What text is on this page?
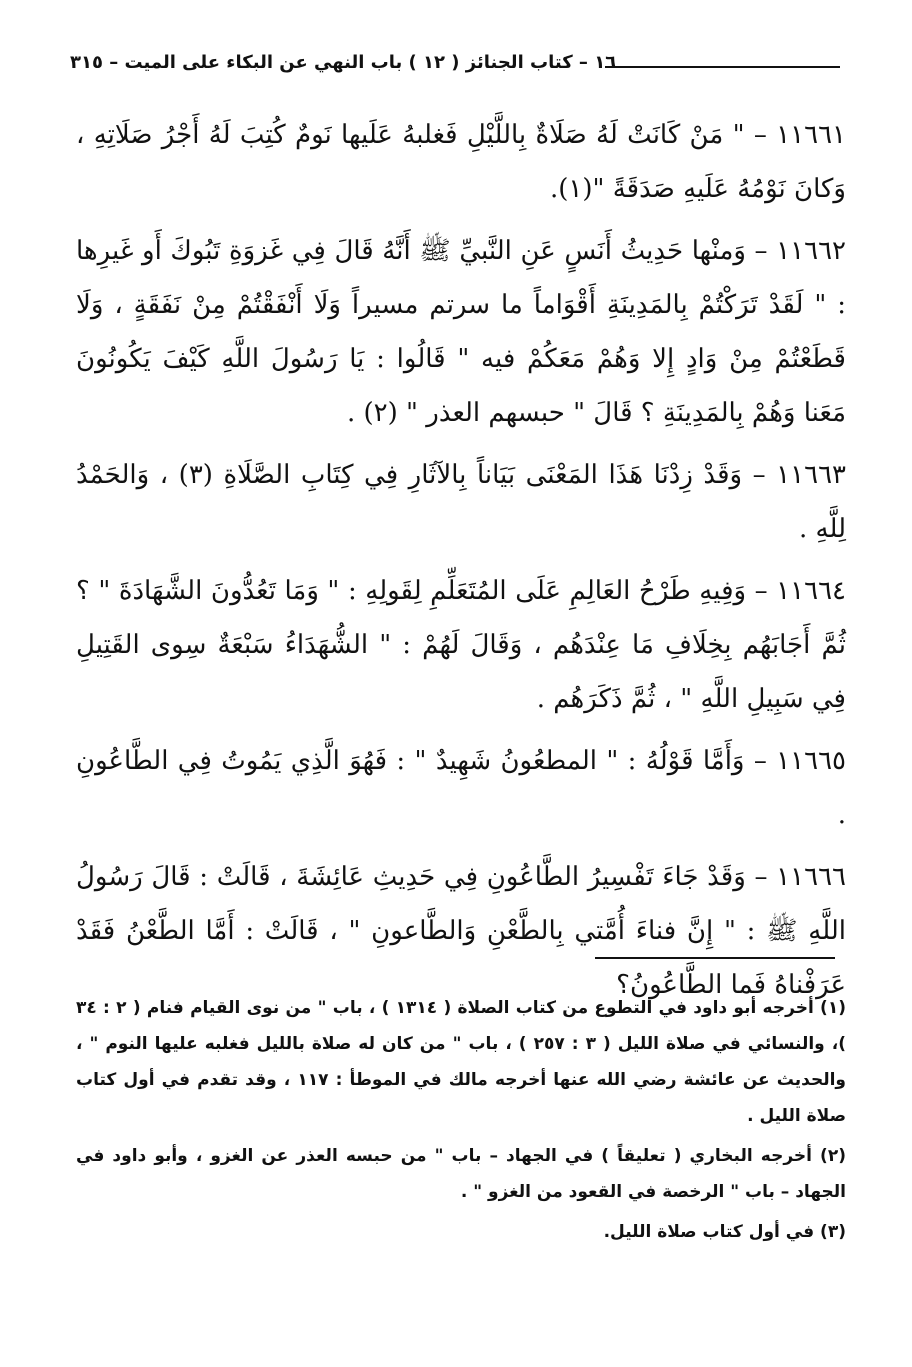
١٦ – كتاب الجنائز ( ١٢ ) باب النهي عن البكاء على الميت – ٣١٥

١١٦٦١ – " مَنْ كَانَتْ لَهُ صَلَاةٌ بِاللَّيْلِ فَغلبهُ عَلَيها نَومٌ كُتِبَ لَهُ أَجْرُ صَلَاتِهِ ، وَكانَ نَوْمُهُ عَلَيهِ صَدَقَةً "(١).

١١٦٦٢ – وَمنْها حَدِيثُ أَنَسٍ عَنِ النَّبيِّ ﷺ أَنَّهُ قَالَ فِي غَزوَةِ تَبُوكَ أَو غَيرِها : " لَقَدْ تَرَكْتُمْ بِالمَدِينَةِ أَقْوَاماً ما سرتم مسيراً وَلَا أَنْفَقْتُمْ مِنْ نَفَقَةٍ ، وَلَا قَطَعْتُمْ مِنْ وَادٍ إِلا وَهُمْ مَعَكُمْ فيه " قَالُوا : يَا رَسُولَ اللَّهِ كَيْفَ يَكُونُونَ مَعَنا وَهُمْ بِالمَدِينَةِ ؟ قَالَ " حبسهم العذر " (٢) .

١١٦٦٣ – وَقَدْ زِدْنَا هَذَا المَعْنَى بَيَاناً بِالآثَارِ فِي كِتَابِ الصَّلَاةِ (٣) ، وَالحَمْدُ لِلَّهِ .

١١٦٦٤ – وَفِيهِ طَرْحُ العَالِمِ عَلَى المُتَعَلِّمِ لِقَولِهِ : " وَمَا تَعُدُّونَ الشَّهَادَةَ " ؟ ثُمَّ أَجَابَهُم بِخِلَافِ مَا عِنْدَهُم ، وَقَالَ لَهُمْ : " الشُّهَدَاءُ سَبْعَةٌ سِوى القَتِيلِ فِي سَبِيلِ اللَّهِ " ، ثُمَّ ذَكَرَهُم .

١١٦٦٥ – وَأَمَّا قَوْلُهُ : " المطعُونُ شَهِيدٌ " : فَهُوَ الَّذِي يَمُوتُ فِي الطَّاعُونِ .

١١٦٦٦ – وَقَدْ جَاءَ تَفْسِيرُ الطَّاعُونِ فِي حَدِيثِ عَائِشَةَ ، قَالَتْ : قَالَ رَسُولُ اللَّهِ ﷺ : " إِنَّ فناءَ أُمَّتي بِالطَّعْنِ وَالطَّاعونِ " ، قَالَتْ : أَمَّا الطَّعْنُ فَقَدْ عَرَفْناهُ فَما الطَّاعُونُ؟

(١) أخرجه أبو داود في التطوع من كتاب الصلاة ( ١٣١٤ ) ، باب " من نوى القيام فنام ( ٢ : ٣٤ )، والنسائي في صلاة الليل ( ٣ : ٢٥٧ ) ، باب " من كان له صلاة بالليل فغلبه عليها النوم " ، والحديث عن عائشة رضي الله عنها أخرجه مالك في الموطأ : ١١٧ ، وقد تقدم في أول كتاب صلاة الليل .

(٢) أخرجه البخاري ( تعليقاً ) في الجهاد – باب " من حبسه العذر عن الغزو ، وأبو داود في الجهاد – باب " الرخصة في القعود من الغزو " .

(٣) في أول كتاب صلاة الليل.
